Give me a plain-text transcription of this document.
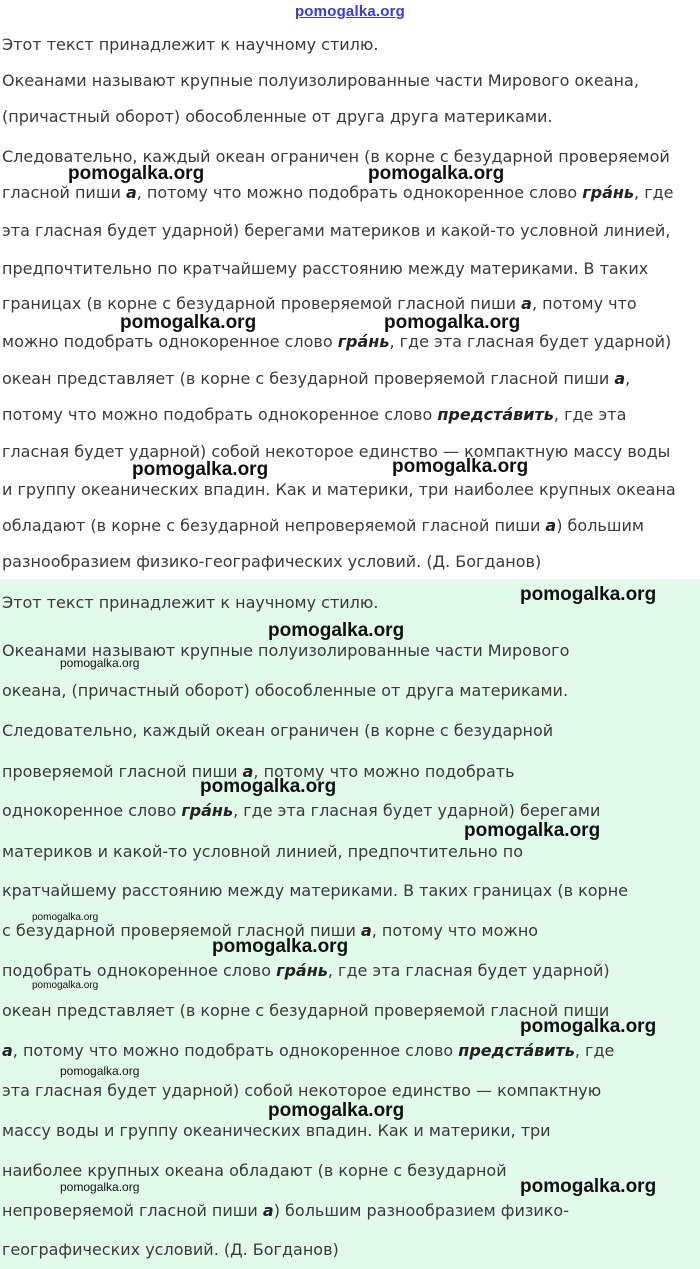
pomogalka.org
Этот текст принадлежит к научному стилю.
Океанами называют крупные полуизолированные части Мирового океана,
(причастный оборот) обособленные от друга друга материками.
Следовательно, каждый океан ограничен (в корне с безударной проверяемой
гласной пиши а, потому что можно подобрать однокоренное слово гра́нь, где
эта гласная будет ударной) берегами материков и какой-то условной линией,
предпочтительно по кратчайшему расстоянию между материками. В таких
границах (в корне с безударной проверяемой гласной пиши а, потому что
можно подобрать однокоренное слово гра́нь, где эта гласная будет ударной)
океан представляет (в корне с безударной проверяемой гласной пиши а,
потому что можно подобрать однокоренное слово предста́вить, где эта
гласная будет ударной) собой некоторое единство — компактную массу воды
и группу океанических впадин. Как и материки, три наиболее крупных океана
обладают (в корне с безударной непроверяемой гласной пиши а) большим
разнообразием физико-географических условий. (Д. Богданов)
Этот текст принадлежит к научному стилю.
Океанами называют крупные полуизолированные части Мирового
океана, (причастный оборот) обособленные от друга материками.
Следовательно, каждый океан ограничен (в корне с безударной
проверяемой гласной пиши а, потому что можно подобрать
однокоренное слово гра́нь, где эта гласная будет ударной) берегами
материков и какой-то условной линией, предпочтительно по
кратчайшему расстоянию между материками. В таких границах (в корне
с безударной проверяемой гласной пиши а, потому что можно
подобрать однокоренное слово гра́нь, где эта гласная будет ударной)
океан представляет (в корне с безударной проверяемой гласной пиши
а, потому что можно подобрать однокоренное слово предста́вить, где
эта гласная будет ударной) собой некоторое единство — компактную
массу воды и группу океанических впадин. Как и материки, три
наиболее крупных океана обладают (в корне с безударной
непроверяемой гласной пиши а) большим разнообразием физико-
географических условий. (Д. Богданов)
pomogalka.org	pomogalka.org
pomogalka.org	pomogalka.org
pomogalka.org	pomogalka.org
pomogalka.org
pomogalka.org
pomogalka.org
pomogalka.org
pomogalka.org
pomogalka.org
pomogalka.org
pomogalka.org
pomogalka.org
pomogalka.org
pomogalka.org
pomogalka.org	pomogalka.org
